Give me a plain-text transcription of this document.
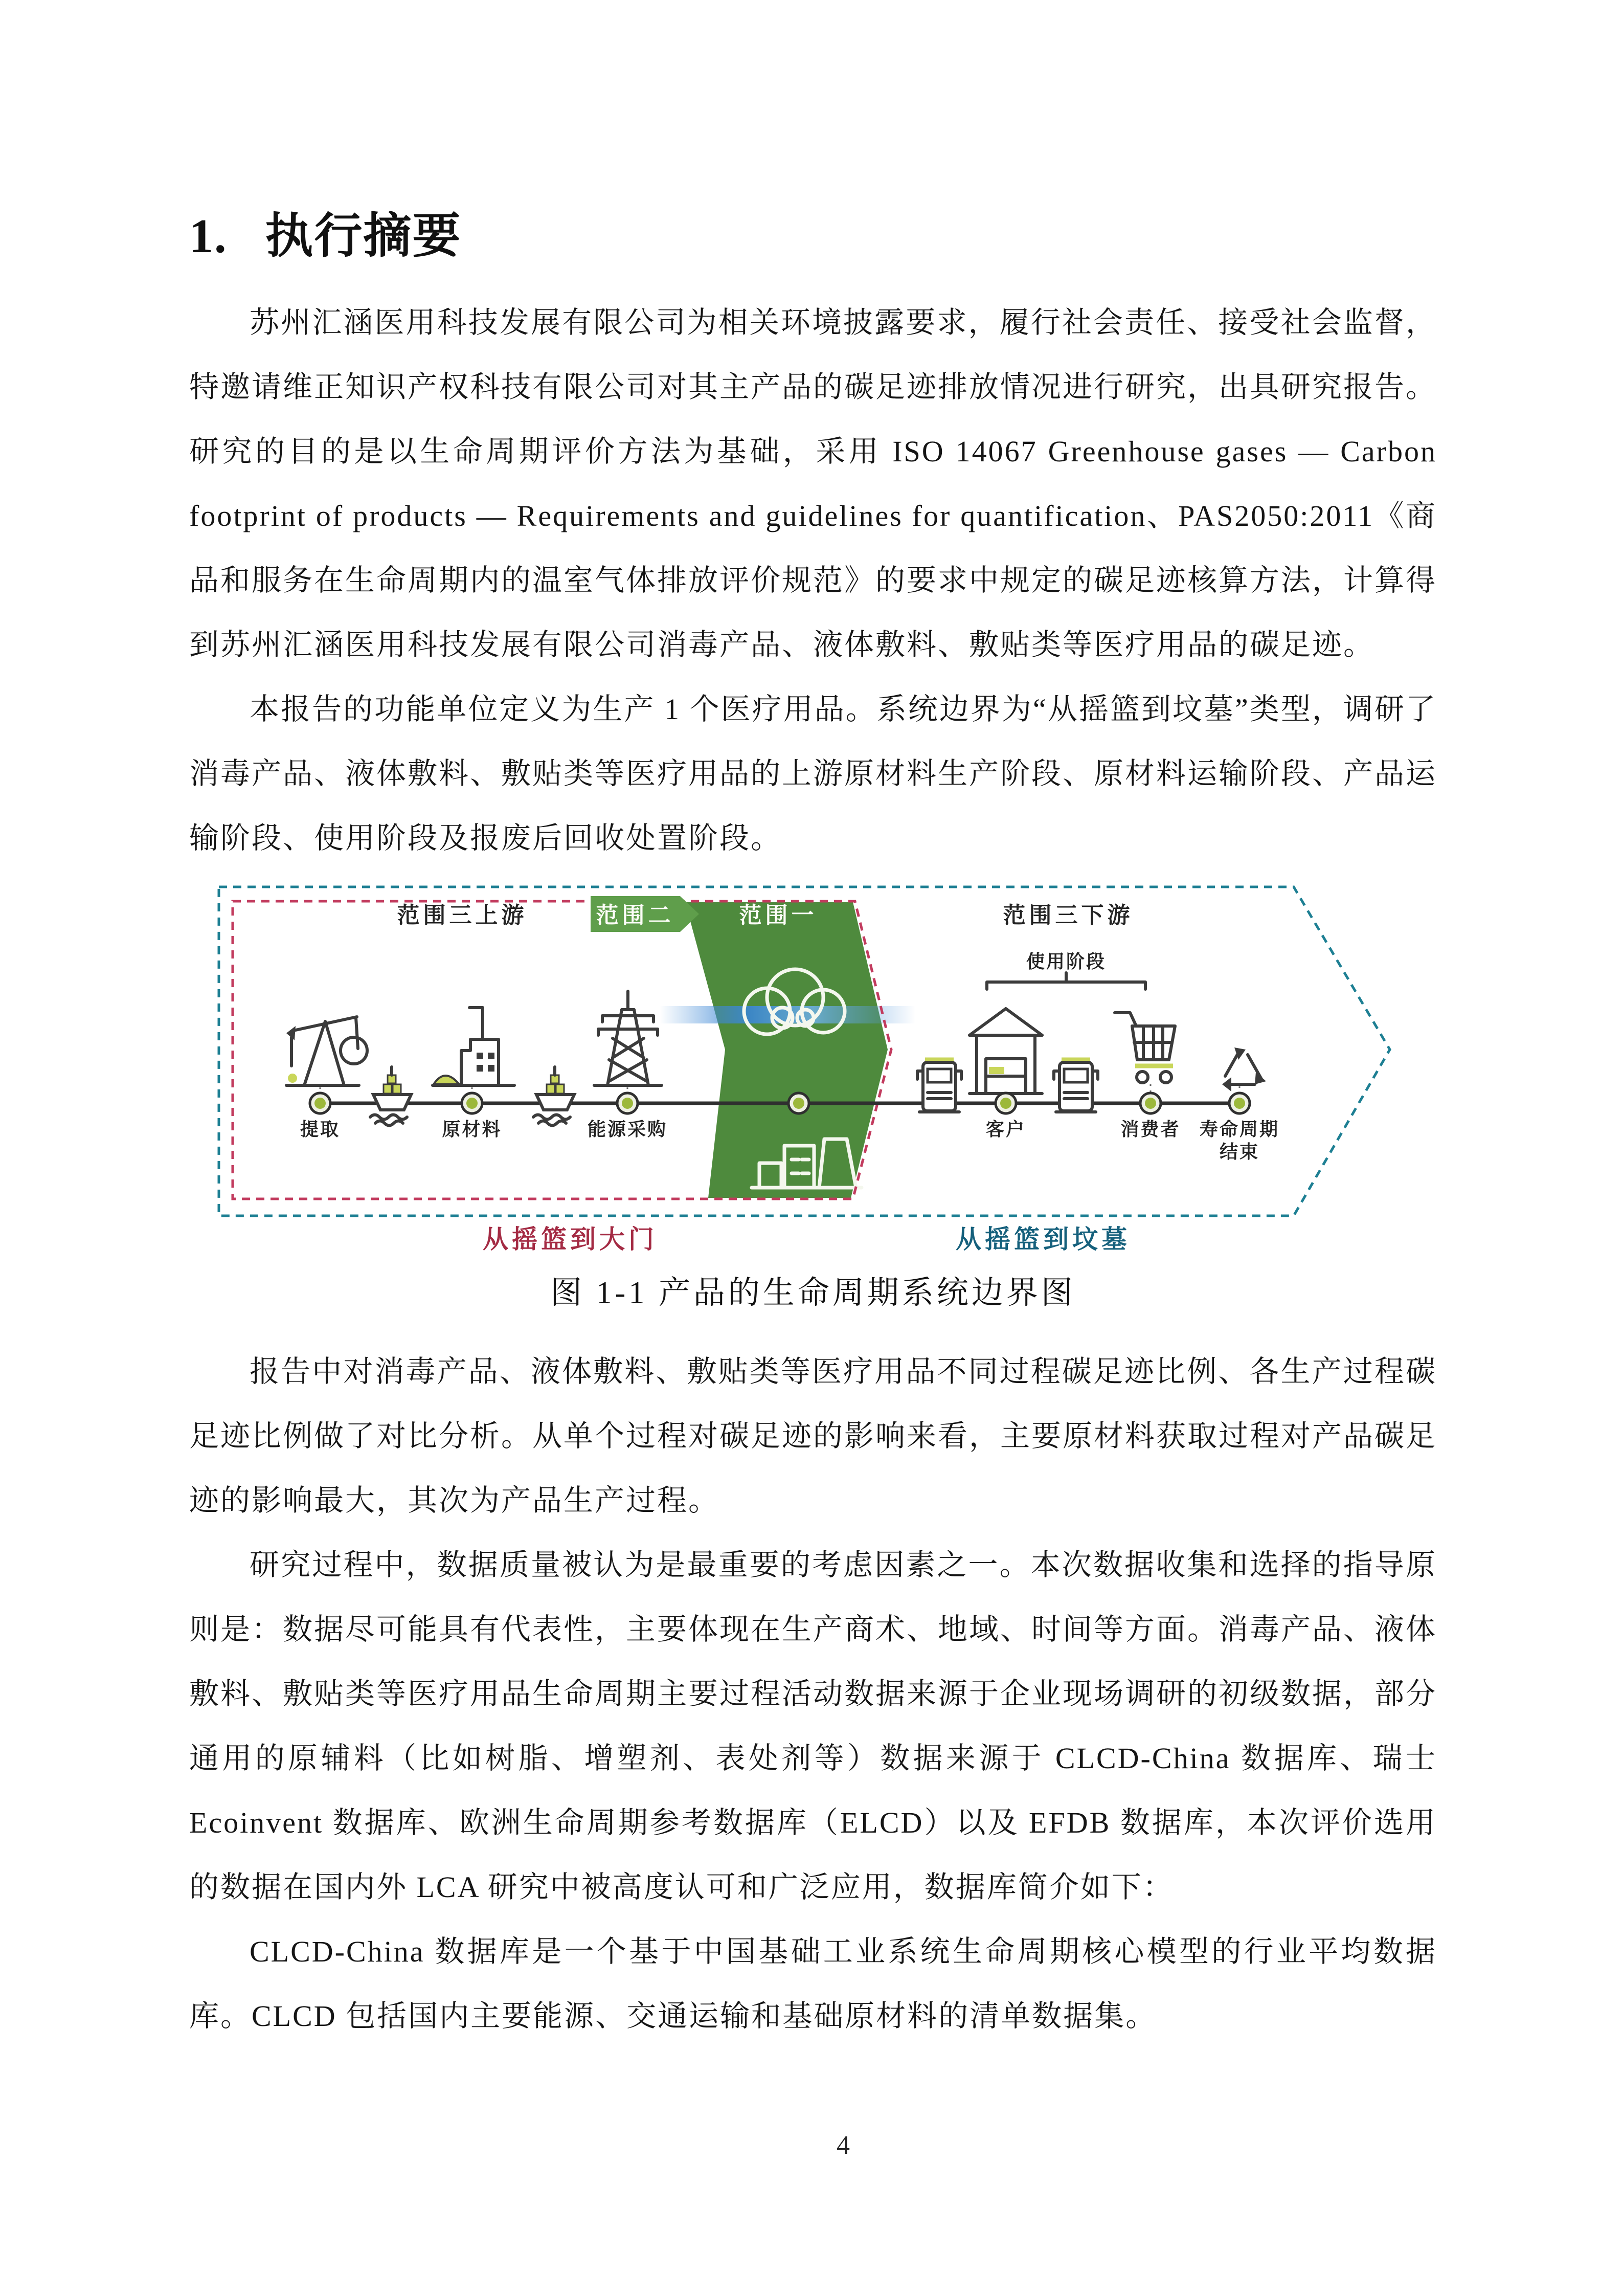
1. 执行摘要

苏州汇涵医用科技发展有限公司为相关环境披露要求，履行社会责任、接受社会监督，特邀请维正知识产权科技有限公司对其主产品的碳足迹排放情况进行研究，出具研究报告。研究的目的是以生命周期评价方法为基础，采用 ISO 14067 Greenhouse gases — Carbon footprint of products — Requirements and guidelines for quantification、PAS2050:2011《商品和服务在生命周期内的温室气体排放评价规范》的要求中规定的碳足迹核算方法，计算得到苏州汇涵医用科技发展有限公司消毒产品、液体敷料、敷贴类等医疗用品的碳足迹。

本报告的功能单位定义为生产 1 个医疗用品。系统边界为“从摇篮到坟墓”类型，调研了消毒产品、液体敷料、敷贴类等医疗用品的上游原材料生产阶段、原材料运输阶段、产品运输阶段、使用阶段及报废后回收处置阶段。

范围三上游	范围二	范围一	范围三下游
使用阶段
提取	原材料	能源采购	客户	消费者 寿命周期
结束
从摇篮到大门	从摇篮到坟墓
图 1-1 产品的生命周期系统边界图

报告中对消毒产品、液体敷料、敷贴类等医疗用品不同过程碳足迹比例、各生产过程碳足迹比例做了对比分析。从单个过程对碳足迹的影响来看，主要原材料获取过程对产品碳足迹的影响最大，其次为产品生产过程。

研究过程中，数据质量被认为是最重要的考虑因素之一。本次数据收集和选择的指导原则是：数据尽可能具有代表性，主要体现在生产商术、地域、时间等方面。消毒产品、液体敷料、敷贴类等医疗用品生命周期主要过程活动数据来源于企业现场调研的初级数据，部分通用的原辅料（比如树脂、增塑剂、表处剂等）数据来源于 CLCD-China 数据库、瑞士 Ecoinvent 数据库、欧洲生命周期参考数据库（ELCD）以及 EFDB 数据库，本次评价选用的数据在国内外 LCA 研究中被高度认可和广泛应用，数据库简介如下：

CLCD-China 数据库是一个基于中国基础工业系统生命周期核心模型的行业平均数据库。CLCD 包括国内主要能源、交通运输和基础原材料的清单数据集。

4
